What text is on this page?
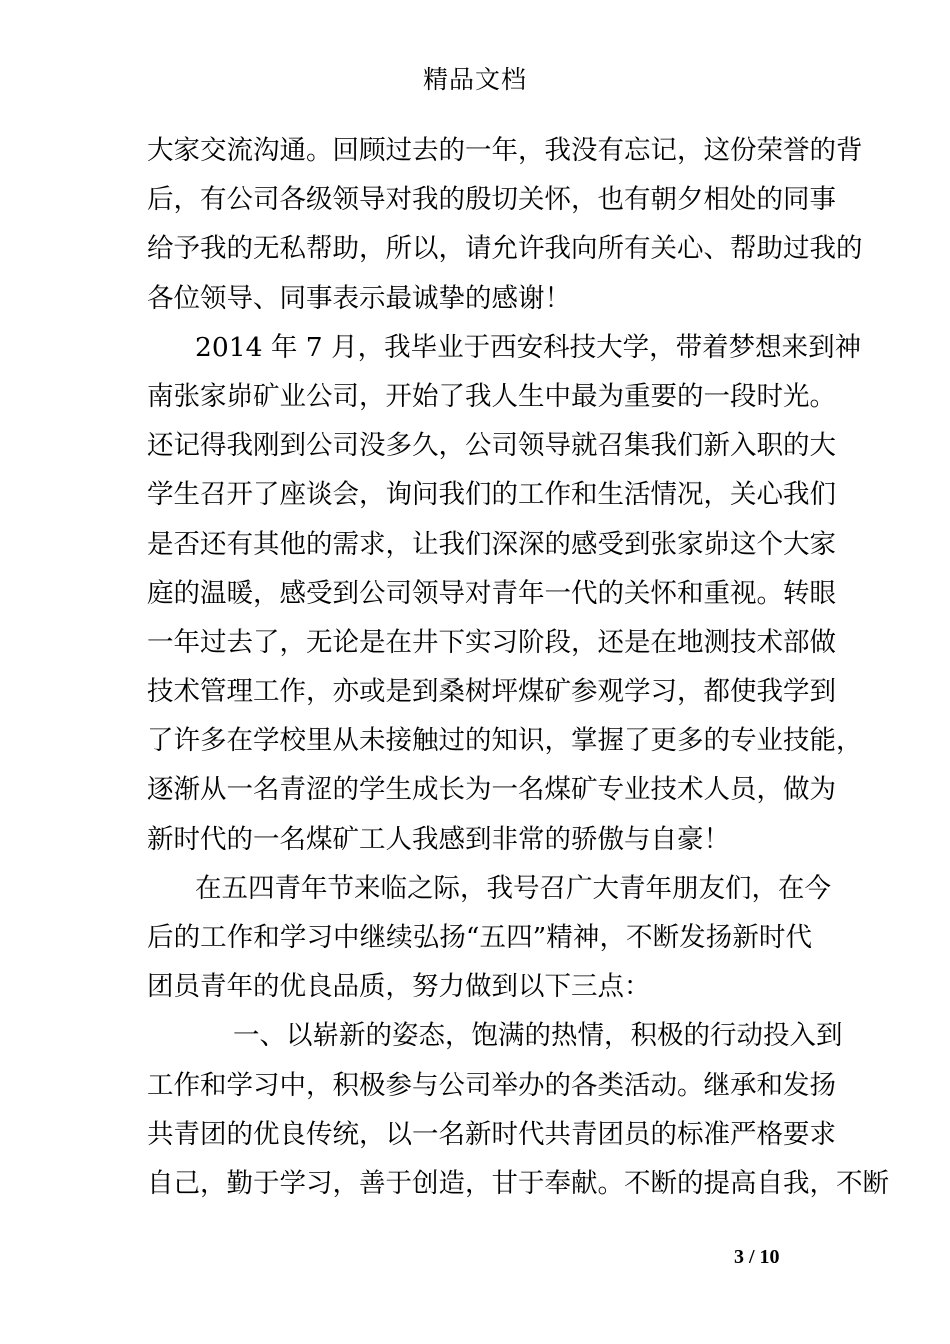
精品文档
大家交流沟通。回顾过去的一年，我没有忘记，这份荣誉的背
后，有公司各级领导对我的殷切关怀，也有朝夕相处的同事
给予我的无私帮助，所以，请允许我向所有关心、帮助过我的
各位领导、同事表示最诚挚的感谢！
2014 年 7 月，我毕业于西安科技大学，带着梦想来到神
南张家峁矿业公司，开始了我人生中最为重要的一段时光。
还记得我刚到公司没多久，公司领导就召集我们新入职的大
学生召开了座谈会，询问我们的工作和生活情况，关心我们
是否还有其他的需求，让我们深深的感受到张家峁这个大家
庭的温暖，感受到公司领导对青年一代的关怀和重视。转眼
一年过去了，无论是在井下实习阶段，还是在地测技术部做
技术管理工作，亦或是到桑树坪煤矿参观学习，都使我学到
了许多在学校里从未接触过的知识，掌握了更多的专业技能，
逐渐从一名青涩的学生成长为一名煤矿专业技术人员，做为
新时代的一名煤矿工人我感到非常的骄傲与自豪！
在五四青年节来临之际，我号召广大青年朋友们，在今
后的工作和学习中继续弘扬“五四”精神，不断发扬新时代
团员青年的优良品质，努力做到以下三点：
一、以崭新的姿态，饱满的热情，积极的行动投入到
工作和学习中，积极参与公司举办的各类活动。继承和发扬
共青团的优良传统，以一名新时代共青团员的标准严格要求
自己，勤于学习，善于创造，甘于奉献。不断的提高自我，不断
3 / 10
